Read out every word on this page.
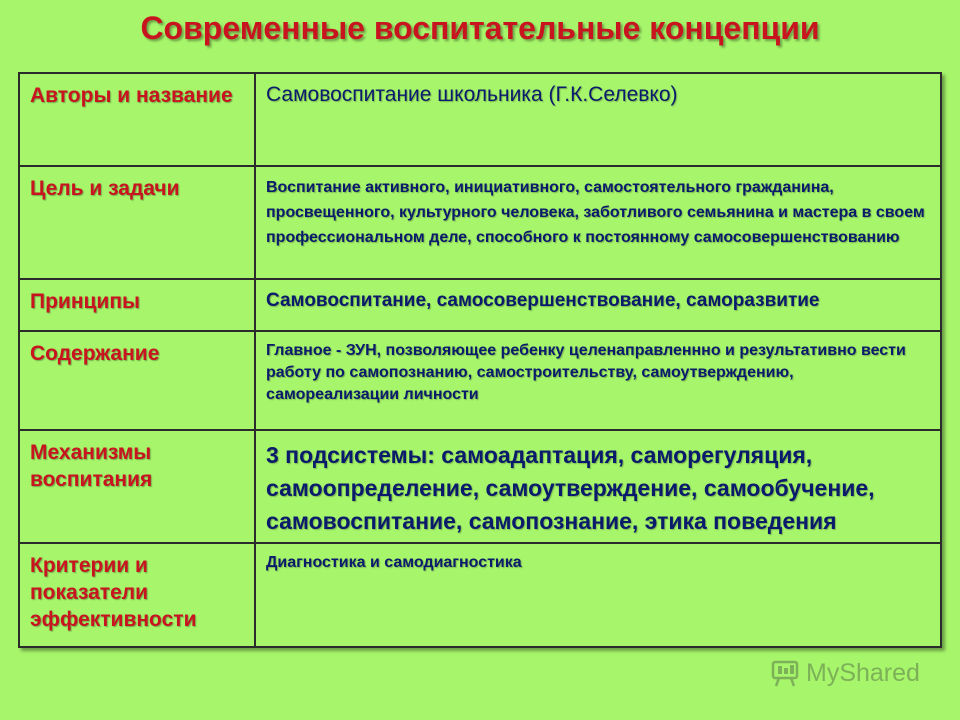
Современные воспитательные концепции
Авторы и название	Самовоспитание школьника (Г.К.Селевко)
Цель и задачи	Воспитание активного, инициативного, самостоятельного гражданина, просвещенного, культурного человека, заботливого семьянина и мастера в своем профессиональном деле, способного к постоянному самосовершенствованию
Принципы	Самовоспитание, самосовершенствование, саморазвитие
Содержание	Главное - ЗУН, позволяющее ребенку целенаправленнно и результативно вести работу по самопознанию, самостроительству, самоутверждению, самореализации личности
Механизмы воспитания	3 подсистемы: самоадаптация, саморегуляция, самоопределение, самоутверждение, самообучение, самовоспитание, самопознание, этика поведения
Критерии и показатели эффективности	Диагностика и самодиагностика
MyShared
